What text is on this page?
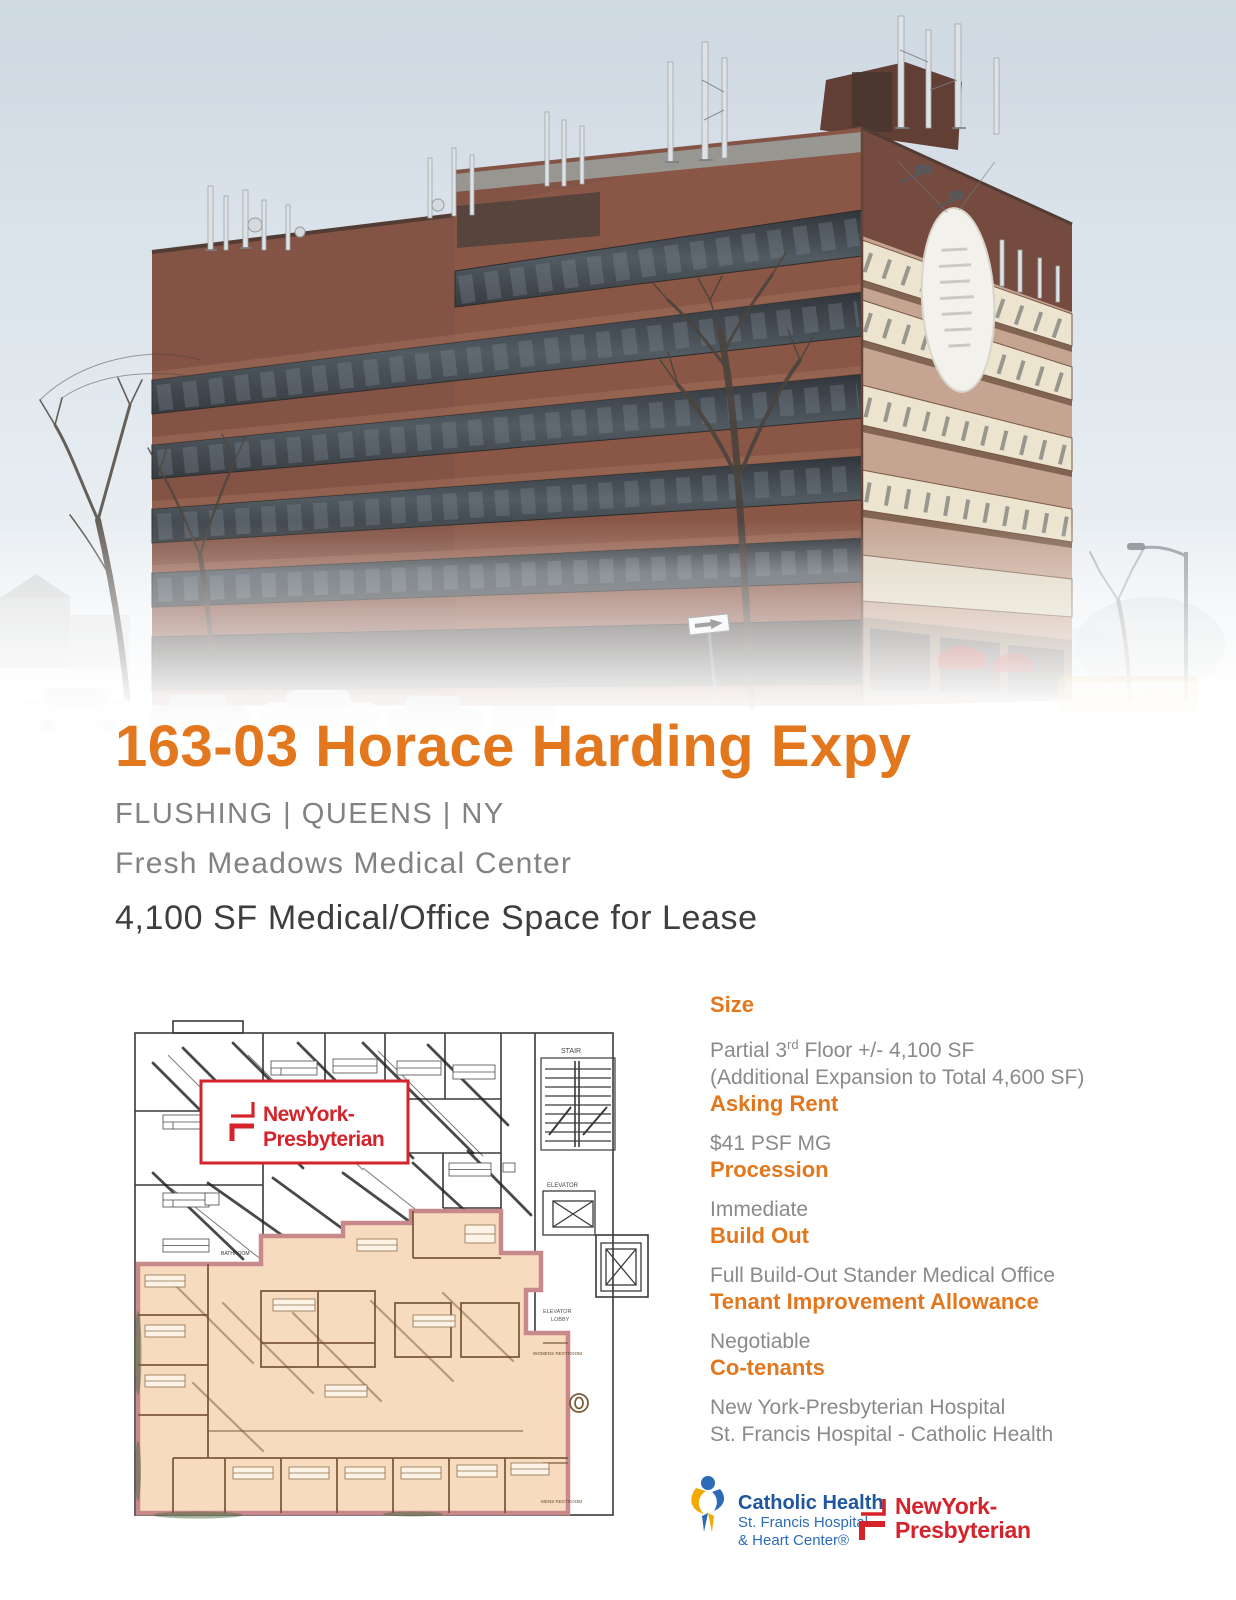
163-03 Horace Harding Expy

FLUSHING | QUEENS | NY

Fresh Meadows Medical Center

4,100 SF Medical/Office Space for Lease

STAIR
ELEVATOR
ELEVATOR
LOBBY
BATHROOM
WOMENS RESTROOM
MENS RESTROOM
NewYork-
Presbyterian
Size

Partial 3rd Floor +/- 4,100 SF
(Additional Expansion to Total 4,600 SF)

Asking Rent

$41 PSF MG

Procession

Immediate

Build Out

Full Build-Out Stander Medical Office

Tenant Improvement Allowance

Negotiable

Co-tenants

New York-Presbyterian Hospital
St. Francis Hospital - Catholic Health

Catholic Health
St. Francis Hospital
& Heart Center®
NewYork-
Presbyterian
